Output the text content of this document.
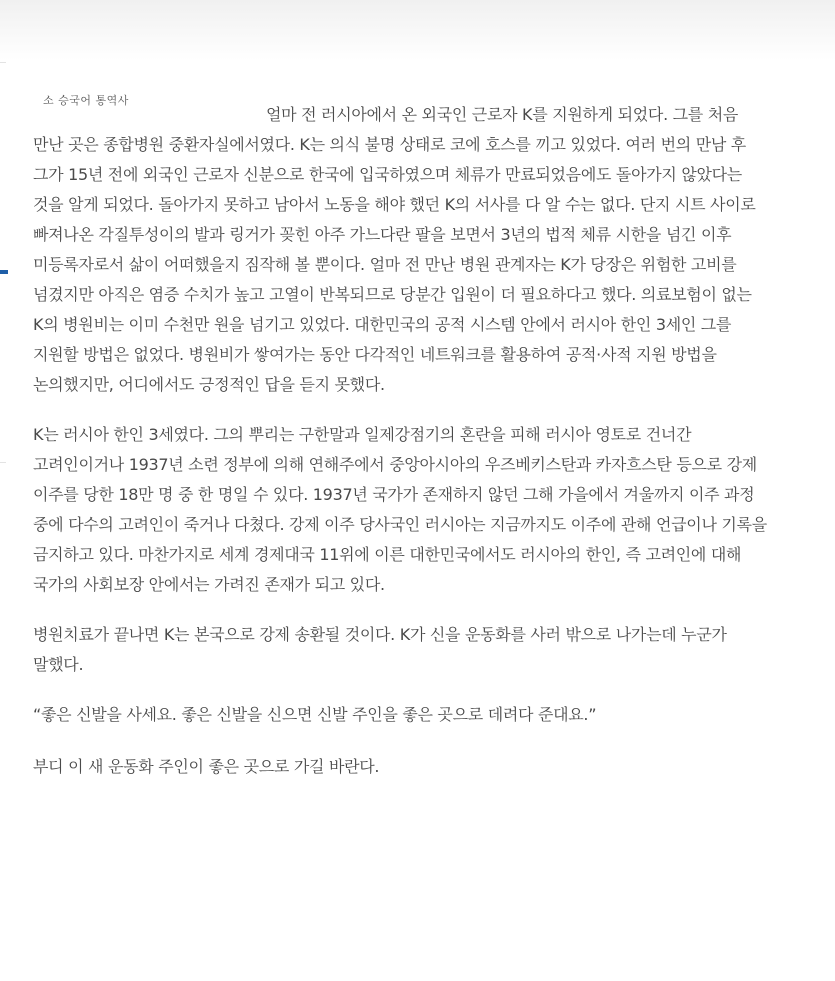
소 승국어 통역사

얼마 전 러시아에서 온 외국인 근로자 K를 지원하게 되었다. 그를 처음 만난 곳은 종합병원 중환자실에서였다. K는 의식 불명 상태로 코에 호스를 끼고 있었다. 여러 번의 만남 후 그가 15년 전에 외국인 근로자 신분으로 한국에 입국하였으며 체류가 만료되었음에도 돌아가지 않았다는 것을 알게 되었다. 돌아가지 못하고 남아서 노동을 해야 했던 K의 서사를 다 알 수는 없다. 단지 시트 사이로 빠져나온 각질투성이의 발과 링거가 꽂힌 아주 가느다란 팔을 보면서 3년의 법적 체류 시한을 넘긴 이후 미등록자로서 삶이 어떠했을지 짐작해 볼 뿐이다. 얼마 전 만난 병원 관계자는 K가 당장은 위험한 고비를 넘겼지만 아직은 염증 수치가 높고 고열이 반복되므로 당분간 입원이 더 필요하다고 했다. 의료보험이 없는 K의 병원비는 이미 수천만 원을 넘기고 있었다. 대한민국의 공적 시스템 안에서 러시아 한인 3세인 그를 지원할 방법은 없었다. 병원비가 쌓여가는 동안 다각적인 네트워크를 활용하여 공적·사적 지원 방법을 논의했지만, 어디에서도 긍정적인 답을 듣지 못했다.

K는 러시아 한인 3세였다. 그의 뿌리는 구한말과 일제강점기의 혼란을 피해 러시아 영토로 건너간 고려인이거나 1937년 소련 정부에 의해 연해주에서 중앙아시아의 우즈베키스탄과 카자흐스탄 등으로 강제 이주를 당한 18만 명 중 한 명일 수 있다. 1937년 국가가 존재하지 않던 그해 가을에서 겨울까지 이주 과정 중에 다수의 고려인이 죽거나 다쳤다. 강제 이주 당사국인 러시아는 지금까지도 이주에 관해 언급이나 기록을 금지하고 있다. 마찬가지로 세계 경제대국 11위에 이른 대한민국에서도 러시아의 한인, 즉 고려인에 대해 국가의 사회보장 안에서는 가려진 존재가 되고 있다.

병원치료가 끝나면 K는 본국으로 강제 송환될 것이다. K가 신을 운동화를 사러 밖으로 나가는데 누군가 말했다.

“좋은 신발을 사세요. 좋은 신발을 신으면 신발 주인을 좋은 곳으로 데려다 준대요.”

부디 이 새 운동화 주인이 좋은 곳으로 가길 바란다.
